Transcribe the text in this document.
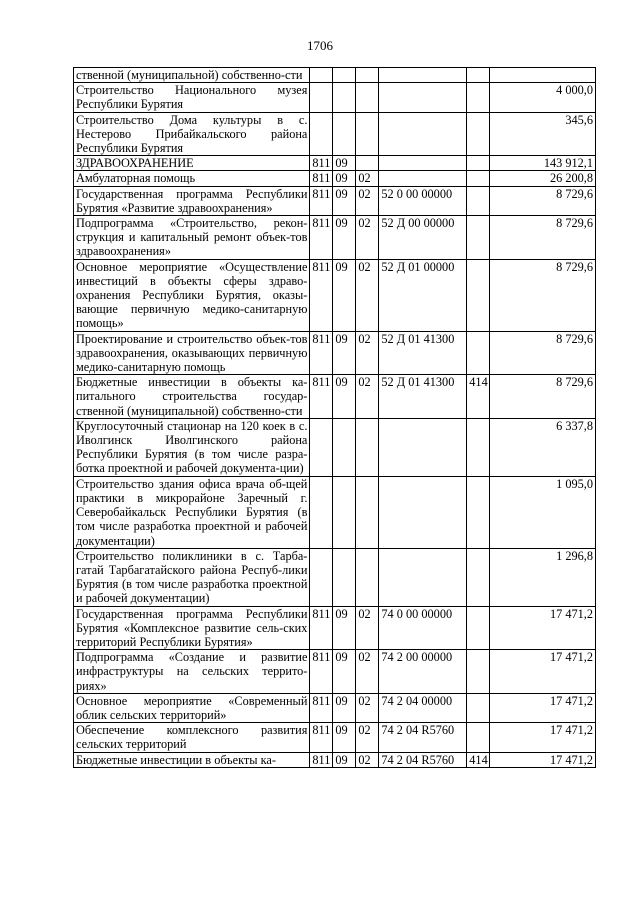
1706
ственной (муниципальной) собственно-сти						
Строительство Национального музея Республики Бурятия						4 000,0
Строительство Дома культуры в с. Нестерово Прибайкальского района Республики Бурятия						345,6
ЗДРАВООХРАНЕНИЕ	811	09				143 912,1
Амбулаторная помощь	811	09	02			26 200,8
Государственная программа Республики Бурятия «Развитие здравоохранения»	811	09	02	52 0 00 00000		8 729,6
Подпрограмма «Строительство, рекон-струкция и капитальный ремонт объек-тов здравоохранения»	811	09	02	52 Д 00 00000		8 729,6
Основное мероприятие «Осуществление инвестиций в объекты сферы здраво-охранения Республики Бурятия, оказы-вающие первичную медико-санитарную помощь»	811	09	02	52 Д 01 00000		8 729,6
Проектирование и строительство объек-тов здравоохранения, оказывающих первичную медико-санитарную помощь	811	09	02	52 Д 01 41300		8 729,6
Бюджетные инвестиции в объекты ка-питального строительства государ-ственной (муниципальной) собственно-сти	811	09	02	52 Д 01 41300	414	8 729,6
Круглосуточный стационар на 120 коек в с. Иволгинск Иволгинского района Республики Бурятия (в том числе разра-ботка проектной и рабочей документа-ции)						6 337,8
Строительство здания офиса врача об-щей практики в микрорайоне Заречный г. Северобайкальск Республики Бурятия (в том числе разработка проектной и рабочей документации)						1 095,0
Строительство поликлиники в с. Тарба-гатай Тарбагатайского района Респуб-лики Бурятия (в том числе разработка проектной и рабочей документации)						1 296,8
Государственная программа Республики Бурятия «Комплексное развитие сель-ских территорий Республики Бурятия»	811	09	02	74 0 00 00000		17 471,2
Подпрограмма «Создание и развитие инфраструктуры на сельских террито-риях»	811	09	02	74 2 00 00000		17 471,2
Основное мероприятие «Современный облик сельских территорий»	811	09	02	74 2 04 00000		17 471,2
Обеспечение комплексного развития сельских территорий	811	09	02	74 2 04 R5760		17 471,2
Бюджетные инвестиции в объекты ка-	811	09	02	74 2 04 R5760	414	17 471,2
